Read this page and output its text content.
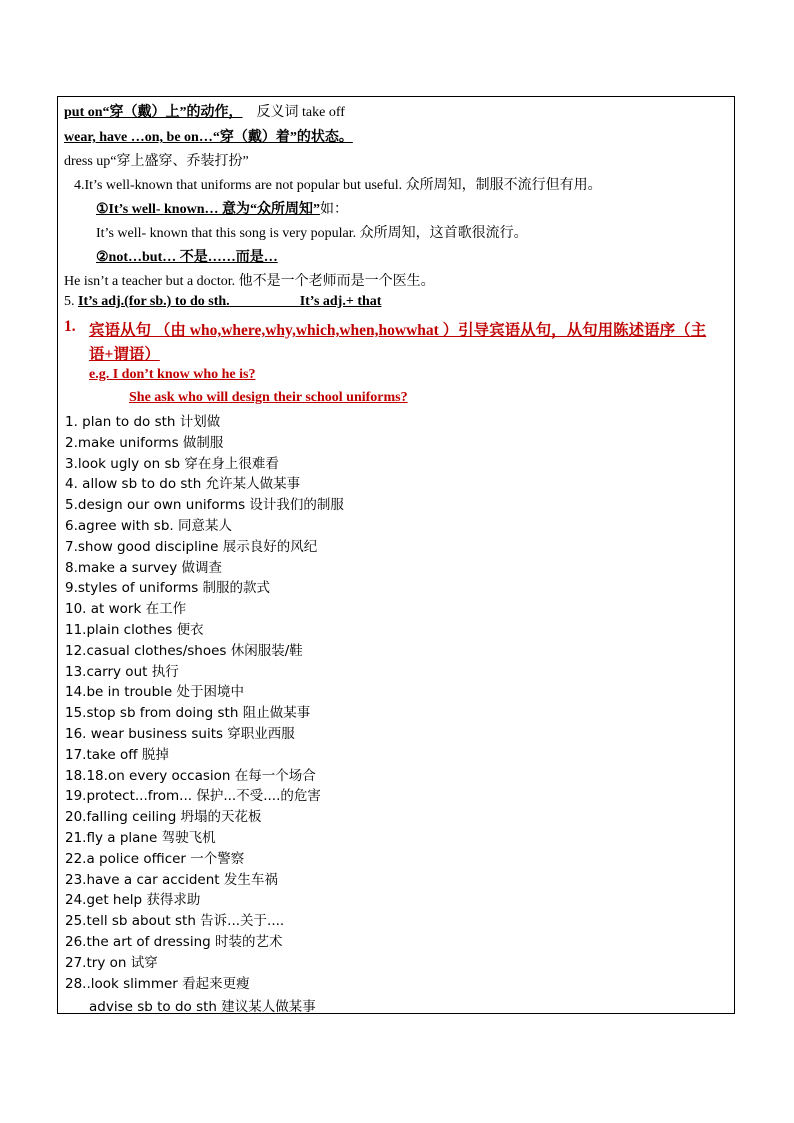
put on“穿（戴）上”的动作， 反义词 take off
wear, have …on, be on…“穿（戴）着”的状态。
dress up“穿上盛穿、乔装打扮”
4.It’s well-known that uniforms are not popular but useful. 众所周知，制服不流行但有用。
①It’s well- known… 意为“众所周知”如：
It’s well- known that this song is very popular. 众所周知，这首歌很流行。
②not…but… 不是……而是…
He isn’t a teacher but a doctor. 他不是一个老师而是一个医生。
5. It’s adj.(for sb.) to do sth.	It’s adj.+ that
1. 宾语从句 （由 who,where,why,which,when,howwhat ）引导宾语从句，从句用陈述语序（主
语+谓语）
e.g. I don’t know who he is?
She ask who will design their school uniforms?
1. plan to do sth 计划做
2.make uniforms 做制服
3.look ugly on sb 穿在身上很难看
4. allow sb to do sth 允许某人做某事
5.design our own uniforms 设计我们的制服
6.agree with sb. 同意某人
7.show good discipline 展示良好的风纪
8.make a survey 做调查
9.styles of uniforms 制服的款式
10. at work 在工作
11.plain clothes 便衣
12.casual clothes/shoes 休闲服装/鞋
13.carry out 执行
14.be in trouble 处于困境中
15.stop sb from doing sth 阻止做某事
16. wear business suits 穿职业西服
17.take off 脱掉
18.18.on every occasion 在每一个场合
19.protect...from... 保护...不受....的危害
20.falling ceiling 坍塌的天花板
21.fly a plane 驾驶飞机
22.a police officer 一个警察
23.have a car accident 发生车祸
24.get help 获得求助
25.tell sb about sth 告诉...关于....
26.the art of dressing 时装的艺术
27.try on 试穿
28..look slimmer 看起来更瘦
advise sb to do sth 建议某人做某事
